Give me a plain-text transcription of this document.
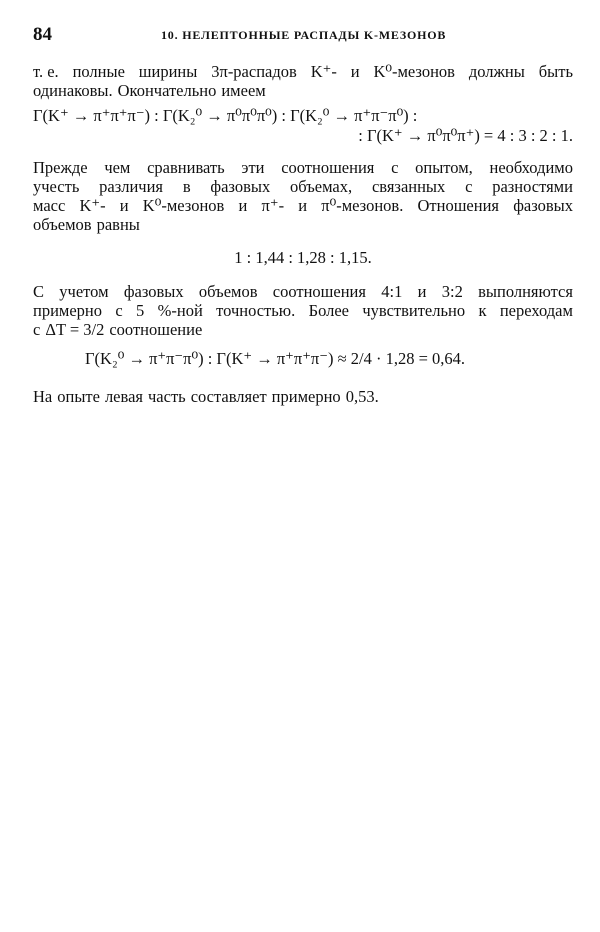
84	10. НЕЛЕПТОННЫЕ РАСПАДЫ K-МЕЗОНОВ
т. е. полные ширины 3π-распадов K⁺- и K⁰-мезонов должны быть
одинаковы. Окончательно имеем
Γ(K⁺ → π⁺π⁺π⁻) : Γ(K₂⁰ → π⁰π⁰π⁰) : Γ(K₂⁰ → π⁺π⁻π⁰) :
: Γ(K⁺ → π⁰π⁰π⁺) = 4 : 3 : 2 : 1.
Прежде чем сравнивать эти соотношения с опытом, необходимо
учесть различия в фазовых объемах, связанных с разностями
масс K⁺- и K⁰-мезонов и π⁺- и π⁰-мезонов. Отношения фазовых
объемов равны
1 : 1,44 : 1,28 : 1,15.
С учетом фазовых объемов соотношения 4:1 и 3:2 выполняются
примерно с 5 %-ной точностью. Более чувствительно к переходам
с ΔT = 3/2 соотношение
Γ(K₂⁰ → π⁺π⁻π⁰) : Γ(K⁺ → π⁺π⁺π⁻) ≈ 2/4 · 1,28 = 0,64.
На опыте левая часть составляет примерно 0,53.
